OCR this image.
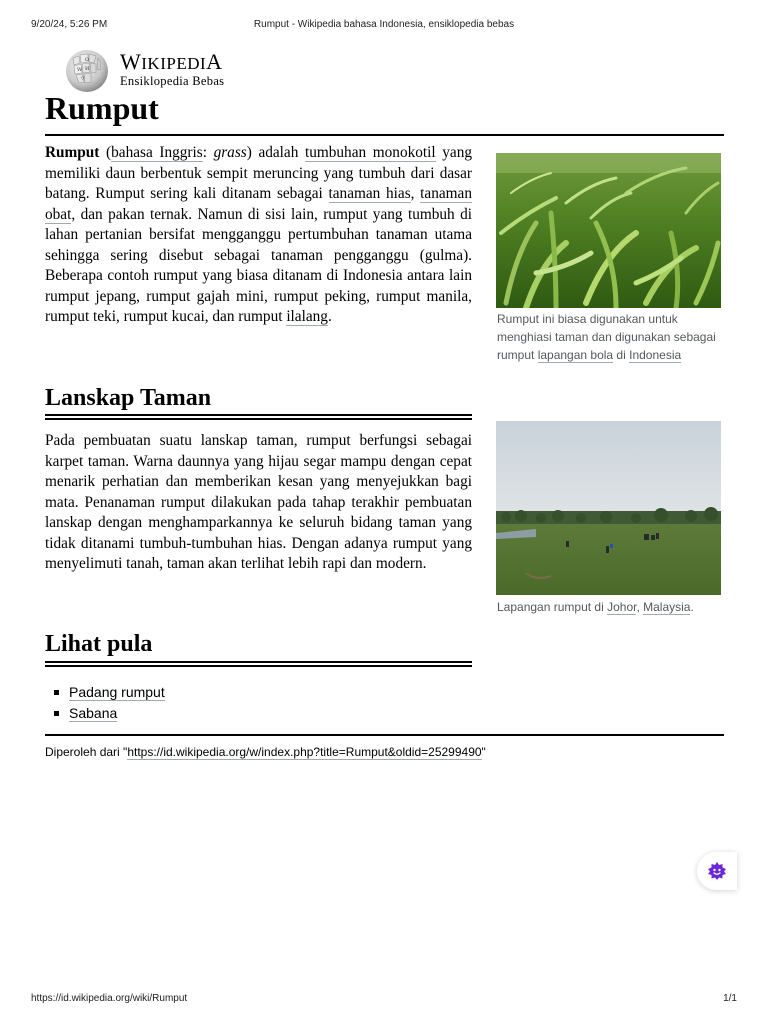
9/20/24, 5:26 PM	Rumput - Wikipedia bahasa Indonesia, ensiklopedia bebas
Ω
W И
ウ
WIKIPEDIA
Ensiklopedia Bebas
Rumput

Rumput (bahasa Inggris: grass) adalah tumbuhan monokotil yang memiliki daun berbentuk sempit meruncing yang tumbuh dari dasar batang. Rumput sering kali ditanam sebagai tanaman hias, tanaman obat, dan pakan ternak. Namun di sisi lain, rumput yang tumbuh di lahan pertanian bersifat mengganggu pertumbuhan tanaman utama sehingga sering disebut sebagai tanaman pengganggu (gulma). Beberapa contoh rumput yang biasa ditanam di Indonesia antara lain rumput jepang, rumput gajah mini, rumput peking, rumput manila, rumput teki, rumput kucai, dan rumput ilalang.	Rumput ini biasa digunakan untuk menghiasi taman dan digunakan sebagai rumput lapangan bola di Indonesia

Lanskap Taman

Pada pembuatan suatu lanskap taman, rumput berfungsi sebagai karpet taman. Warna daunnya yang hijau segar mampu dengan cepat menarik perhatian dan memberikan kesan yang menyejukkan bagi mata. Penanaman rumput dilakukan pada tahap terakhir pembuatan lanskap dengan menghamparkannya ke seluruh bidang taman yang tidak ditanami tumbuh-tumbuhan hias. Dengan adanya rumput yang menyelimuti tanah, taman akan terlihat lebih rapi dan modern.

Lapangan rumput di Johor, Malaysia.

Lihat pula
Padang rumput
Sabana
Diperoleh dari "https://id.wikipedia.org/w/index.php?title=Rumput&oldid=25299490"
https://id.wikipedia.org/wiki/Rumput	1/1
